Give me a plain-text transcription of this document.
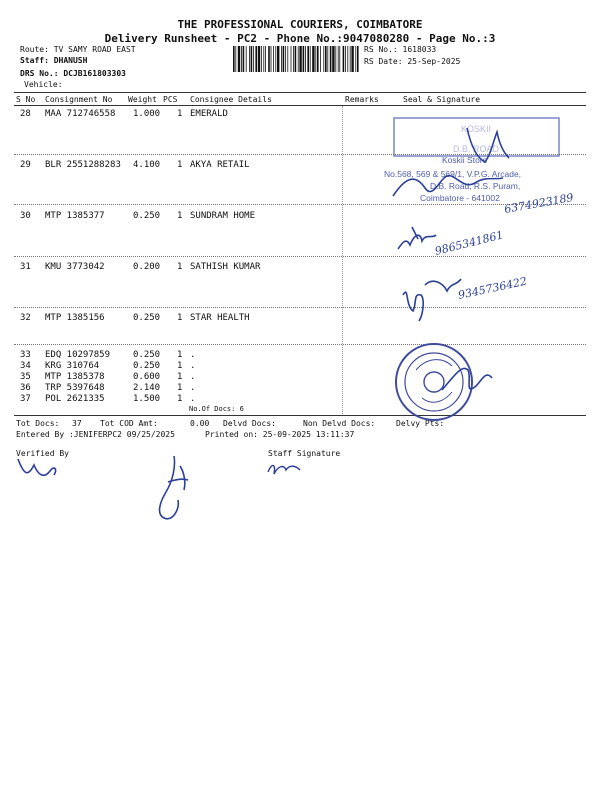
THE PROFESSIONAL COURIERS, COIMBATORE
Delivery Runsheet - PC2 - Phone No.:9047080280 - Page No.:3
Route: TV SAMY ROAD EAST
Staff: DHANUSH
DRS No.: DCJB161803303
Vehicle:
RS No.: 1618033
RS Date: 25-Sep-2025
S No Consignment No Weight PCS Consignee Details	Remarks	Seal & Signature
28 MAA 712746558 1.000 1 EMERALD
29 BLR 2551288283 4.100 1 AKYA RETAIL
30 MTP 1385377	0.250 1 SUNDRAM HOME
31 KMU 3773042	0.200 1 SATHISH KUMAR
32 MTP 1385156	0.250 1 STAR HEALTH
33 EDQ 10297859	0.250 1 .
34 KRG 310764	0.250 1 .
35 MTP 1385378	0.600 1 .
36 TRP 5397648	2.140 1 .
37 POL 2621335	1.500 1 .
No.Of Docs: 6
Tot Docs: 37 Tot COD Amt:	0.00 Delvd Docs:	Non Delvd Docs:	Delvy Pts:
Entered By :JENIFERPC2 09/25/2025	Printed on: 25-09-2025 13:11:37
Verified By	Staff Signature
KOSKII
D.B. ROAD
Koskii Store
No.568, 569 & 569/1, V.P.G. Arcade,
D.B. Road, R.S. Puram,
Coimbatore - 641002 6374923189
9865341861
9345736422
